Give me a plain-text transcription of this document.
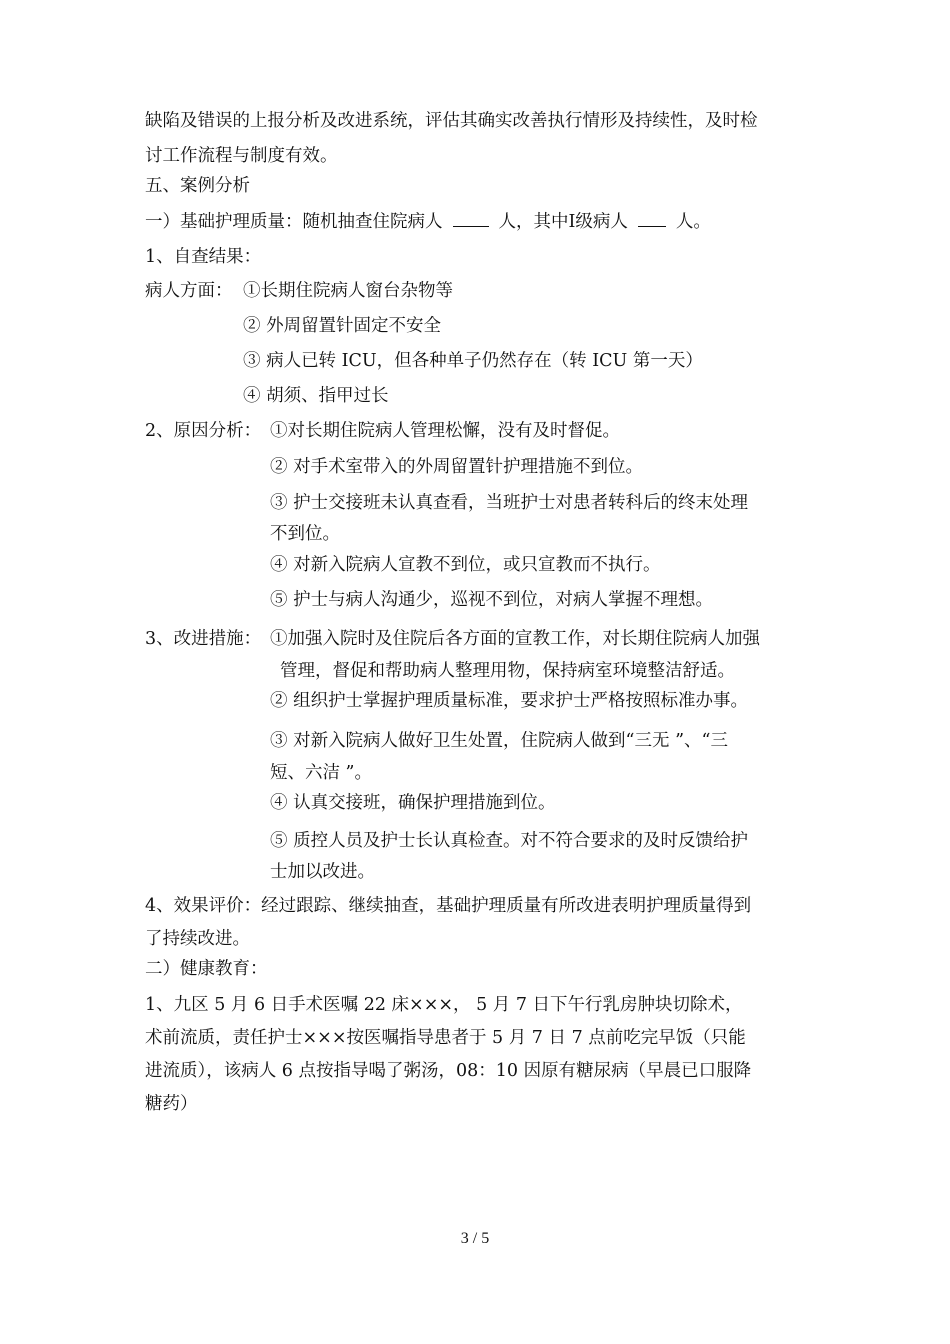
缺陷及错误的上报分析及改进系统，评估其确实改善执行情形及持续性，及时检
讨工作流程与制度有效。
五、案例分析
一）基础护理质量：随机抽查住院病人	人，其中Ⅰ级病人	人。
1、自查结果：
病人方面： ①长期住院病人窗台杂物等
② 外周留置针固定不安全
③ 病人已转 ICU，但各种单子仍然存在（转 ICU 第一天）
④ 胡须、指甲过长
2、原因分析： ①对长期住院病人管理松懈，没有及时督促。
② 对手术室带入的外周留置针护理措施不到位。
③ 护士交接班未认真查看，当班护士对患者转科后的终末处理
不到位。
④ 对新入院病人宣教不到位，或只宣教而不执行。
⑤ 护士与病人沟通少，巡视不到位，对病人掌握不理想。
3、改进措施： ①加强入院时及住院后各方面的宣教工作，对长期住院病人加强
管理，督促和帮助病人整理用物，保持病室环境整洁舒适。
② 组织护士掌握护理质量标准，要求护士严格按照标准办事。
③ 对新入院病人做好卫生处置，住院病人做到“三无 ”、“三
短、六洁 ”。
④ 认真交接班，确保护理措施到位。
⑤ 质控人员及护士长认真检查。对不符合要求的及时反馈给护
士加以改进。
4、效果评价：经过跟踪、继续抽查，基础护理质量有所改进表明护理质量得到
了持续改进。
二）健康教育：
1、九区 5 月 6 日手术医嘱 22 床×××， 5 月 7 日下午行乳房肿块切除术，
术前流质，责任护士×××按医嘱指导患者于 5 月 7 日 7 点前吃完早饭（只能
进流质），该病人 6 点按指导喝了粥汤，08：10 因原有糖尿病（早晨已口服降
糖药）
3 / 5
